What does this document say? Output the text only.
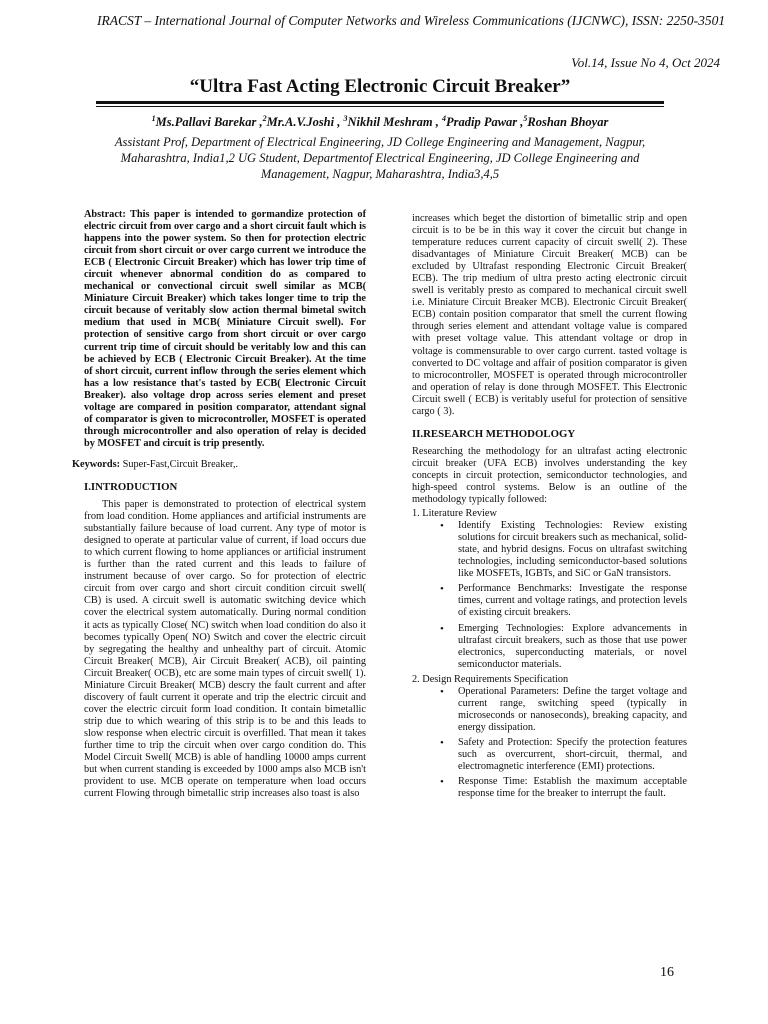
IRACST – International Journal of Computer Networks and Wireless Communications (IJCNWC), ISSN: 2250-3501
Vol.14, Issue No 4, Oct 2024
“Ultra Fast Acting Electronic Circuit Breaker”
$^1$Ms.Pallavi Barekar ,$^2$Mr.A.V.Joshi , $^3$Nikhil Meshram , $^4$Pradip Pawar ,$^5$Roshan Bhoyar
Assistant Prof, Department of Electrical Engineering, JD College Engineering and Management, Nagpur, Maharashtra, India1,2 UG Student, Departmentof Electrical Engineering, JD College Engineering and Management, Nagpur, Maharashtra, India3,4,5

Abstract: This paper is intended to gormandize protection of electric circuit from over cargo and a short circuit fault which is happens into the power system. So then for protection electric circuit from short circuit or over cargo current we introduce the ECB ( Electronic Circuit Breaker) which has lower trip time of circuit whenever abnormal condition do as compared to mechanical or convectional circuit swell similar as MCB( Miniature Circuit Breaker) which takes longer time to trip the circuit because of veritably slow action thermal bimetal switch medium that used in MCB( Miniature Circuit swell). For protection of sensitive cargo from short circuit or over cargo current trip time of circuit should be veritably low and this can be achieved by ECB ( Electronic Circuit Breaker). At the time of short circuit, current inflow through the series element which has a low resistance that's tasted by ECB( Electronic Circuit Breaker). also voltage drop across series element and preset voltage are compared in position comparator, attendant signal of comparator is given to microcontroller, MOSFET is operated through microcontroller and also operation of relay is decided by MOSFET and circuit is trip presently.

Keywords: Super-Fast,Circuit Breaker,.

I.INTRODUCTION

This paper is demonstrated to protection of electrical system from load condition. Home appliances and artificial instruments are substantially failure because of load current. Any type of motor is designed to operate at particular value of current, if load occurs due to which current flowing to home appliances or artificial instrument is further than the rated current and this leads to failure of instrument because of over cargo. So for protection of electric circuit from over cargo and short circuit condition circuit swell( CB) is used. A circuit swell is automatic switching device which cover the electrical system automatically. During normal condition it acts as typically Close( NC) switch when load condition do also it becomes typically Open( NO) Switch and cover the electric circuit by segregating the healthy and unhealthy part of circuit. Atomic Circuit Breaker( MCB), Air Circuit Breaker( ACB), oil painting Circuit Breaker( OCB), etc are some main types of circuit swell( 1). Miniature Circuit Breaker( MCB) descry the fault current and after discovery of fault current it operate and trip the electric circuit and cover the electric circuit form load condition. It contain bimetallic strip due to which wearing of this strip is to be and this leads to slow response when electric circuit is overfilled. That mean it takes further time to trip the circuit when over cargo condition do. This Model Circuit Swell( MCB) is able of handling 10000 amps current but when current standing is exceeded by 1000 amps also MCB isn't provident to use. MCB operate on temperature when load occurs current Flowing through bimetallic strip increases also toast is also

increases which beget the distortion of bimetallic strip and open circuit is to be be in this way it cover the circuit but change in temperature reduces current capacity of circuit swell( 2). These disadvantages of Miniature Circuit Breaker( MCB) can be excluded by Ultrafast responding Electronic Circuit Breaker( ECB). The trip medium of ultra presto acting electronic circuit swell is veritably presto as compared to mechanical circuit swell i.e. Miniature Circuit Breaker MCB). Electronic Circuit Breaker( ECB) contain position comparator that smell the current flowing through series element and attendant voltage value is compared with preset voltage value. This attendant voltage or drop in voltage is commensurable to over cargo current. tasted voltage is converted to DC voltage and affair of position comparator is given to microcontroller, MOSFET is operated through microcontroller and operation of relay is done through MOSFET. This Electronic Circuit swell ( ECB) is veritably useful for protection of sensitive cargo ( 3).

II.RESEARCH METHODOLOGY

Researching the methodology for an ultrafast acting electronic circuit breaker (UFA ECB) involves understanding the key concepts in circuit protection, semiconductor technologies, and high-speed control systems. Below is an outline of the methodology typically followed:

1. Literature Review

• Identify Existing Technologies: Review existing solutions for circuit breakers such as mechanical, solid-state, and hybrid designs. Focus on ultrafast switching technologies, including semiconductor-based solutions like MOSFETs, IGBTs, and SiC or GaN transistors.
• Performance Benchmarks: Investigate the response times, current and voltage ratings, and protection levels of existing circuit breakers.
• Emerging Technologies: Explore advancements in ultrafast circuit breakers, such as those that use power electronics, superconducting materials, or novel semiconductor materials.

2. Design Requirements Specification

• Operational Parameters: Define the target voltage and current range, switching speed (typically in microseconds or nanoseconds), breaking capacity, and energy dissipation.
• Safety and Protection: Specify the protection features such as overcurrent, short-circuit, thermal, and electromagnetic interference (EMI) protections.
• Response Time: Establish the maximum acceptable response time for the breaker to interrupt the fault.
16
